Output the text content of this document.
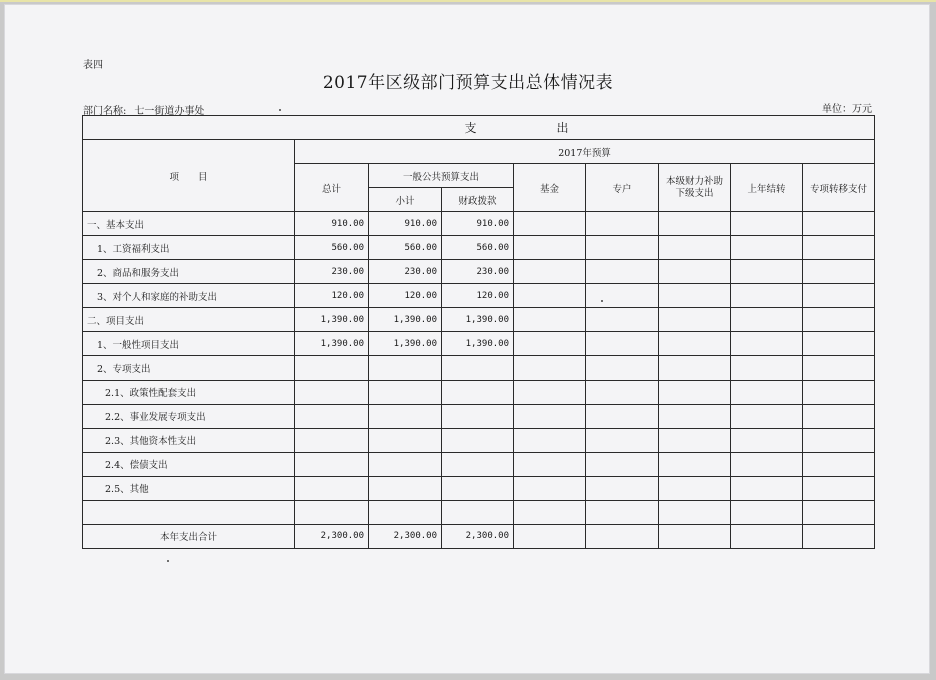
表四
2017年区级部门预算支出总体情况表
部门名称: 七一街道办事处	单位：万元
支 出								
项　　目	2017年预算							
	总计	一般公共预算支出		基金	专户	本级财力补助下级支出	上年结转	专项转移支付
		小计	财政拨款					
一、基本支出	910.00	910.00	910.00					
1、工资福利支出	560.00	560.00	560.00					
2、商品和服务支出	230.00	230.00	230.00					
3、对个人和家庭的补助支出	120.00	120.00	120.00					
二、项目支出	1,390.00	1,390.00	1,390.00					
1、一般性项目支出	1,390.00	1,390.00	1,390.00					
2、专项支出								
2.1、政策性配套支出								
2.2、事业发展专项支出								
2.3、其他资本性支出								
2.4、偿债支出								
2.5、其他								

本年支出合计	2,300.00	2,300.00	2,300.00					
